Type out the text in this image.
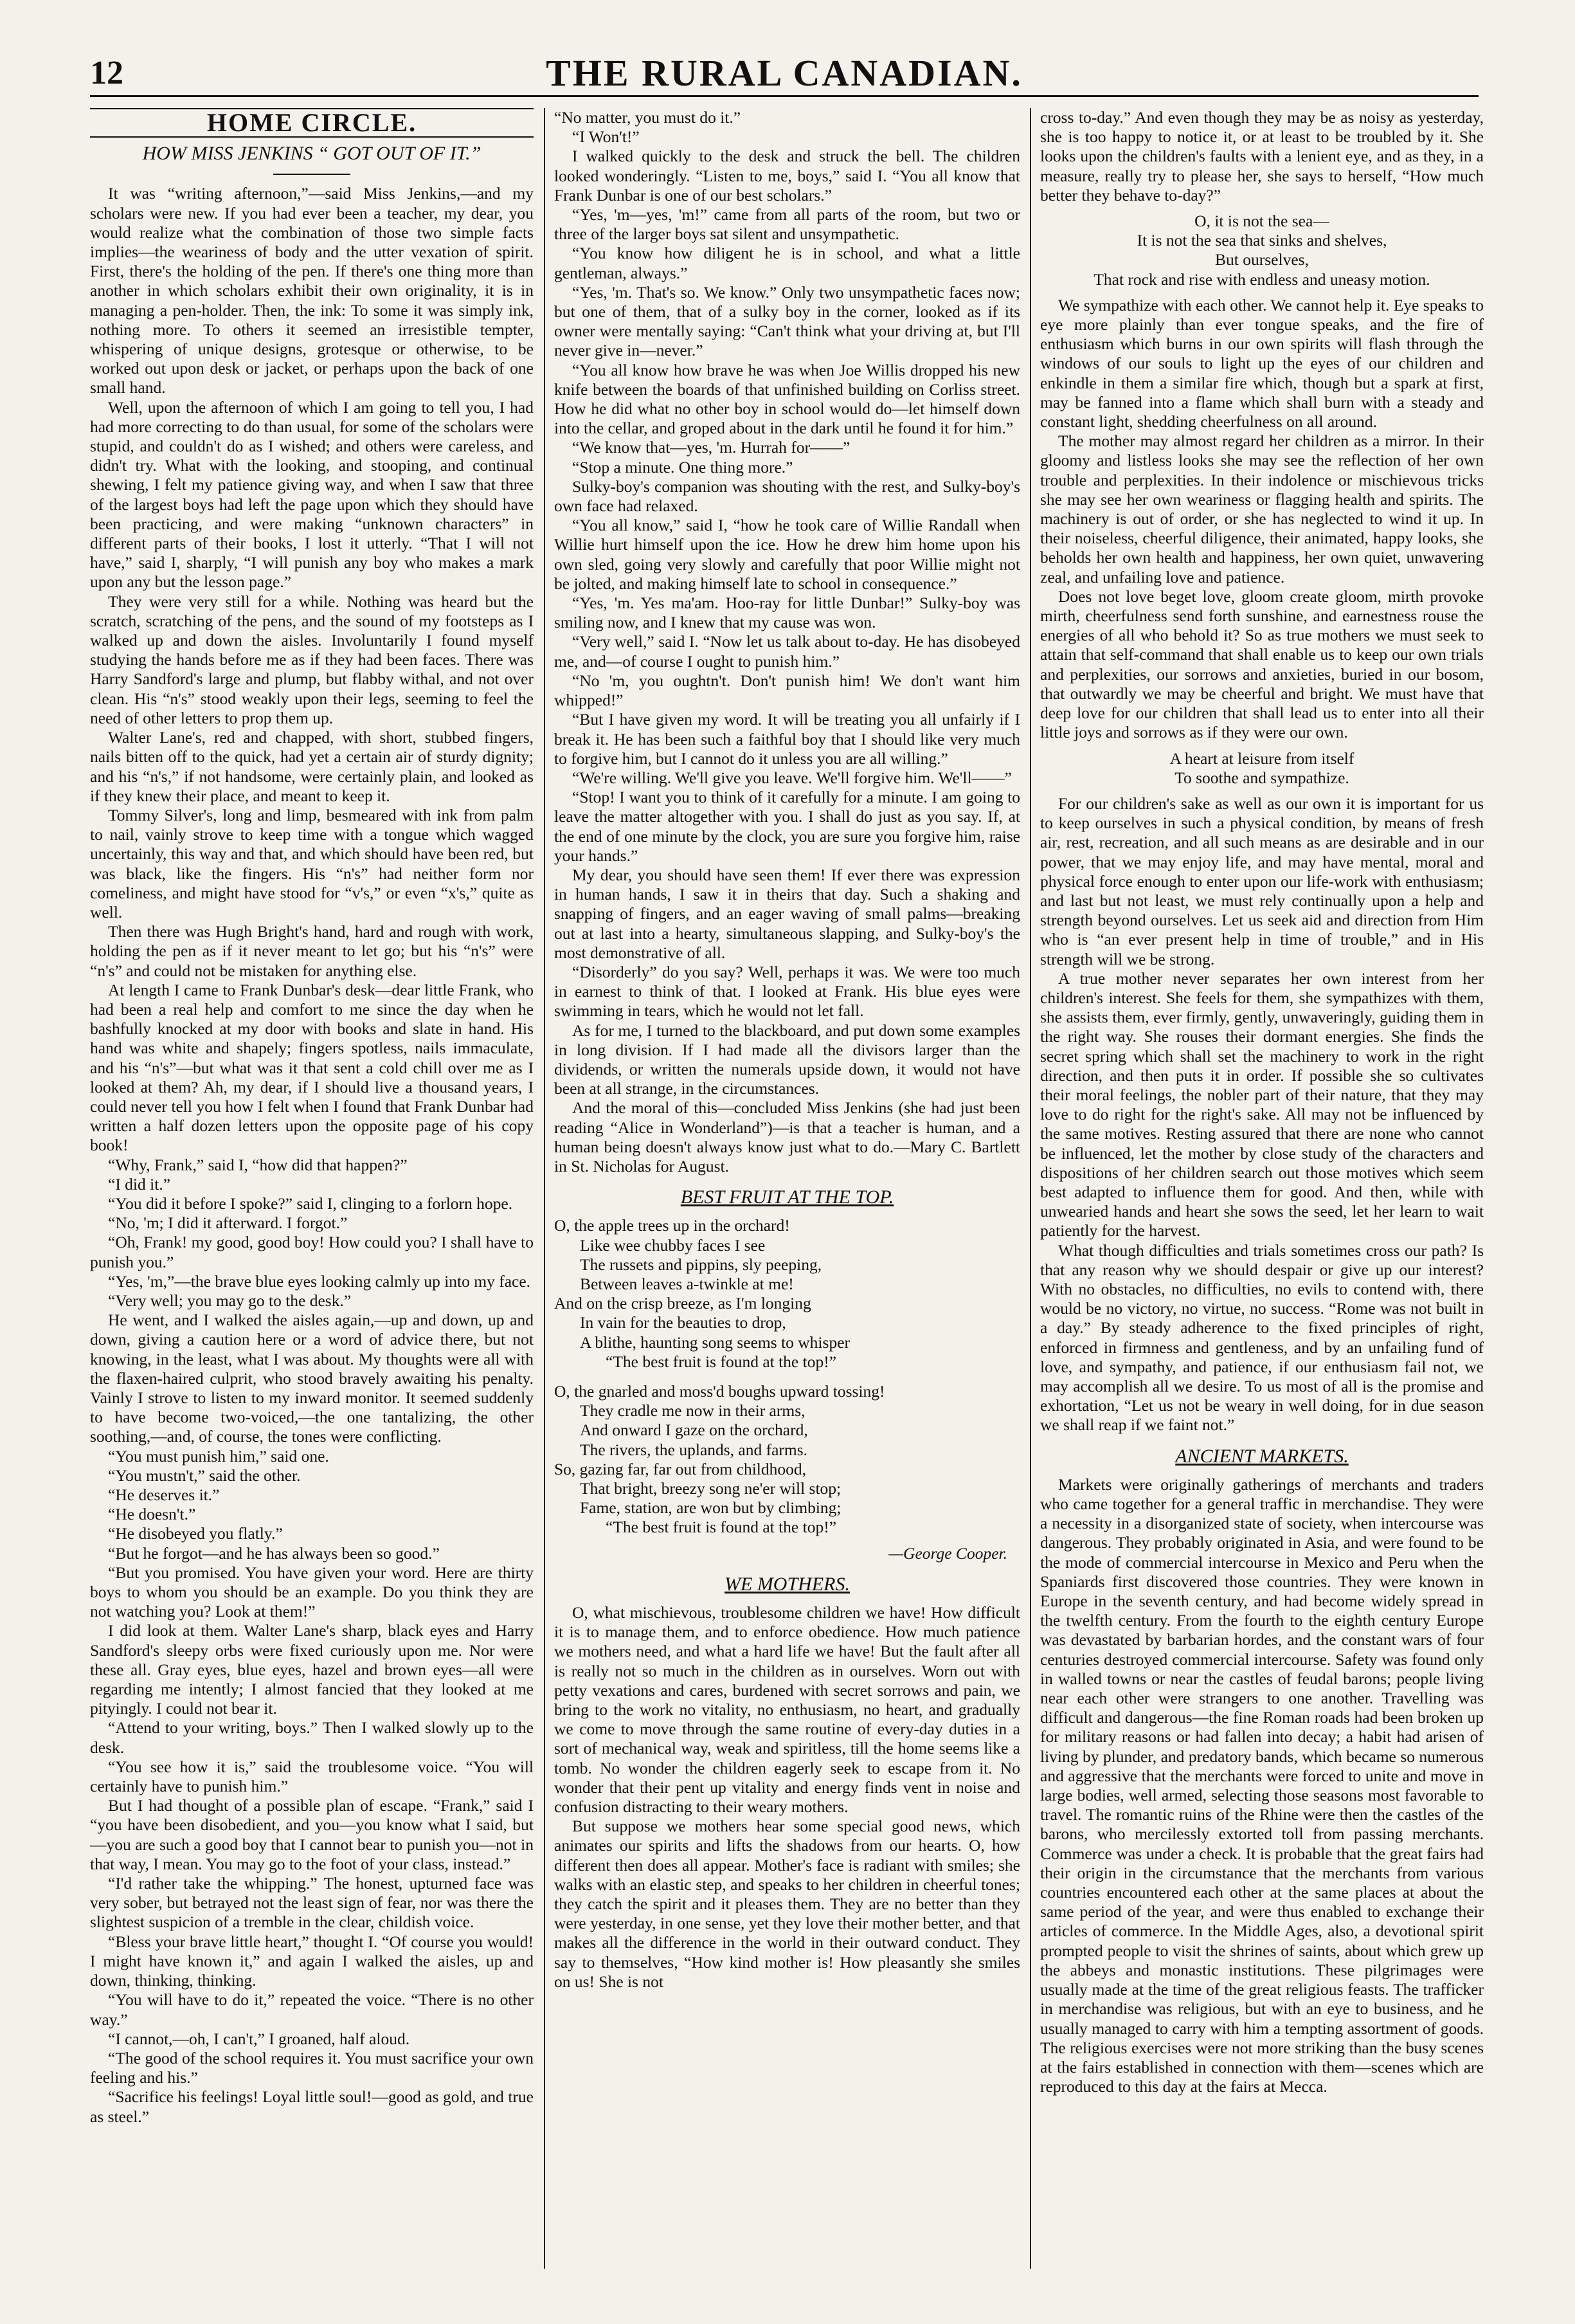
12	THE RURAL CANADIAN.
HOME CIRCLE.
HOW MISS JENKINS “ GOT OUT OF IT.”

It was “writing afternoon,”—said Miss Jenkins,—and my scholars were new. If you had ever been a teacher, my dear, you would realize what the combination of those two simple facts implies—the weariness of body and the utter vexation of spirit. First, there's the holding of the pen. If there's one thing more than another in which scholars exhibit their own originality, it is in managing a pen-holder. Then, the ink: To some it was simply ink, nothing more. To others it seemed an irresistible tempter, whispering of unique designs, grotesque or otherwise, to be worked out upon desk or jacket, or perhaps upon the back of one small hand.

Well, upon the afternoon of which I am going to tell you, I had had more correcting to do than usual, for some of the scholars were stupid, and couldn't do as I wished; and others were careless, and didn't try. What with the looking, and stooping, and continual shewing, I felt my patience giving way, and when I saw that three of the largest boys had left the page upon which they should have been practicing, and were making “unknown characters” in different parts of their books, I lost it utterly. “That I will not have,” said I, sharply, “I will punish any boy who makes a mark upon any but the lesson page.”

They were very still for a while. Nothing was heard but the scratch, scratching of the pens, and the sound of my footsteps as I walked up and down the aisles. Involuntarily I found myself studying the hands before me as if they had been faces. There was Harry Sandford's large and plump, but flabby withal, and not over clean. His “n's” stood weakly upon their legs, seeming to feel the need of other letters to prop them up.

Walter Lane's, red and chapped, with short, stubbed fingers, nails bitten off to the quick, had yet a certain air of sturdy dignity; and his “n's,” if not handsome, were certainly plain, and looked as if they knew their place, and meant to keep it.

Tommy Silver's, long and limp, besmeared with ink from palm to nail, vainly strove to keep time with a tongue which wagged uncertainly, this way and that, and which should have been red, but was black, like the fingers. His “n's” had neither form nor comeliness, and might have stood for “v's,” or even “x's,” quite as well.

Then there was Hugh Bright's hand, hard and rough with work, holding the pen as if it never meant to let go; but his “n's” were “n's” and could not be mistaken for anything else.

At length I came to Frank Dunbar's desk—dear little Frank, who had been a real help and comfort to me since the day when he bashfully knocked at my door with books and slate in hand. His hand was white and shapely; fingers spotless, nails immaculate, and his “n's”—but what was it that sent a cold chill over me as I looked at them? Ah, my dear, if I should live a thousand years, I could never tell you how I felt when I found that Frank Dunbar had written a half dozen letters upon the opposite page of his copy book!

“Why, Frank,” said I, “how did that happen?”

“I did it.”

“You did it before I spoke?” said I, clinging to a forlorn hope.

“No, 'm; I did it afterward. I forgot.”

“Oh, Frank! my good, good boy! How could you? I shall have to punish you.”

“Yes, 'm,”—the brave blue eyes looking calmly up into my face.

“Very well; you may go to the desk.”

He went, and I walked the aisles again,—up and down, up and down, giving a caution here or a word of advice there, but not knowing, in the least, what I was about. My thoughts were all with the flaxen-haired culprit, who stood bravely awaiting his penalty. Vainly I strove to listen to my inward monitor. It seemed suddenly to have become two-voiced,—the one tantalizing, the other soothing,—and, of course, the tones were conflicting.

“You must punish him,” said one.

“You mustn't,” said the other.

“He deserves it.”

“He doesn't.”

“He disobeyed you flatly.”

“But he forgot—and he has always been so good.”

“But you promised. You have given your word. Here are thirty boys to whom you should be an example. Do you think they are not watching you? Look at them!”

I did look at them. Walter Lane's sharp, black eyes and Harry Sandford's sleepy orbs were fixed curiously upon me. Nor were these all. Gray eyes, blue eyes, hazel and brown eyes—all were regarding me intently; I almost fancied that they looked at me pityingly. I could not bear it.

“Attend to your writing, boys.” Then I walked slowly up to the desk.

“You see how it is,” said the troublesome voice. “You will certainly have to punish him.”

But I had thought of a possible plan of escape. “Frank,” said I “you have been disobedient, and you—you know what I said, but—you are such a good boy that I cannot bear to punish you—not in that way, I mean. You may go to the foot of your class, instead.”

“I'd rather take the whipping.” The honest, upturned face was very sober, but betrayed not the least sign of fear, nor was there the slightest suspicion of a tremble in the clear, childish voice.

“Bless your brave little heart,” thought I. “Of course you would! I might have known it,” and again I walked the aisles, up and down, thinking, thinking.

“You will have to do it,” repeated the voice. “There is no other way.”

“I cannot,—oh, I can't,” I groaned, half aloud.

“The good of the school requires it. You must sacrifice your own feeling and his.”

“Sacrifice his feelings! Loyal little soul!—good as gold, and true as steel.”

“No matter, you must do it.”

“I Won't!”

I walked quickly to the desk and struck the bell. The children looked wonderingly. “Listen to me, boys,” said I. “You all know that Frank Dunbar is one of our best scholars.”

“Yes, 'm—yes, 'm!” came from all parts of the room, but two or three of the larger boys sat silent and unsympathetic.

“You know how diligent he is in school, and what a little gentleman, always.”

“Yes, 'm. That's so. We know.” Only two unsympathetic faces now; but one of them, that of a sulky boy in the corner, looked as if its owner were mentally saying: “Can't think what your driving at, but I'll never give in—never.”

“You all know how brave he was when Joe Willis dropped his new knife between the boards of that unfinished building on Corliss street. How he did what no other boy in school would do—let himself down into the cellar, and groped about in the dark until he found it for him.”

“We know that—yes, 'm. Hurrah for——”

“Stop a minute. One thing more.”

Sulky-boy's companion was shouting with the rest, and Sulky-boy's own face had relaxed.

“You all know,” said I, “how he took care of Willie Randall when Willie hurt himself upon the ice. How he drew him home upon his own sled, going very slowly and carefully that poor Willie might not be jolted, and making himself late to school in consequence.”

“Yes, 'm. Yes ma'am. Hoo-ray for little Dunbar!” Sulky-boy was smiling now, and I knew that my cause was won.

“Very well,” said I. “Now let us talk about to-day. He has disobeyed me, and—of course I ought to punish him.”

“No 'm, you oughtn't. Don't punish him! We don't want him whipped!”

“But I have given my word. It will be treating you all unfairly if I break it. He has been such a faithful boy that I should like very much to forgive him, but I cannot do it unless you are all willing.”

“We're willing. We'll give you leave. We'll forgive him. We'll——”

“Stop! I want you to think of it carefully for a minute. I am going to leave the matter altogether with you. I shall do just as you say. If, at the end of one minute by the clock, you are sure you forgive him, raise your hands.”

My dear, you should have seen them! If ever there was expression in human hands, I saw it in theirs that day. Such a shaking and snapping of fingers, and an eager waving of small palms—breaking out at last into a hearty, simultaneous slapping, and Sulky-boy's the most demonstrative of all.

“Disorderly” do you say? Well, perhaps it was. We were too much in earnest to think of that. I looked at Frank. His blue eyes were swimming in tears, which he would not let fall.

As for me, I turned to the blackboard, and put down some examples in long division. If I had made all the divisors larger than the dividends, or written the numerals upside down, it would not have been at all strange, in the circumstances.

And the moral of this—concluded Miss Jenkins (she had just been reading “Alice in Wonderland”)—is that a teacher is human, and a human being doesn't always know just what to do.—Mary C. Bartlett in St. Nicholas for August.

BEST FRUIT AT THE TOP.
O, the apple trees up in the orchard!
Like wee chubby faces I see
The russets and pippins, sly peeping,
Between leaves a-twinkle at me!
And on the crisp breeze, as I'm longing
In vain for the beauties to drop,
A blithe, haunting song seems to whisper
“The best fruit is found at the top!”
O, the gnarled and moss'd boughs upward tossing!
They cradle me now in their arms,
And onward I gaze on the orchard,
The rivers, the uplands, and farms.
So, gazing far, far out from childhood,
That bright, breezy song ne'er will stop;
Fame, station, are won but by climbing;
“The best fruit is found at the top!”
—George Cooper.
WE MOTHERS.

O, what mischievous, troublesome children we have! How difficult it is to manage them, and to enforce obedience. How much patience we mothers need, and what a hard life we have! But the fault after all is really not so much in the children as in ourselves. Worn out with petty vexations and cares, burdened with secret sorrows and pain, we bring to the work no vitality, no enthusiasm, no heart, and gradually we come to move through the same routine of every-day duties in a sort of mechanical way, weak and spiritless, till the home seems like a tomb. No wonder the children eagerly seek to escape from it. No wonder that their pent up vitality and energy finds vent in noise and confusion distracting to their weary mothers.

But suppose we mothers hear some special good news, which animates our spirits and lifts the shadows from our hearts. O, how different then does all appear. Mother's face is radiant with smiles; she walks with an elastic step, and speaks to her children in cheerful tones; they catch the spirit and it pleases them. They are no better than they were yesterday, in one sense, yet they love their mother better, and that makes all the difference in the world in their outward conduct. They say to themselves, “How kind mother is! How pleasantly she smiles on us! She is not

cross to-day.” And even though they may be as noisy as yesterday, she is too happy to notice it, or at least to be troubled by it. She looks upon the children's faults with a lenient eye, and as they, in a measure, really try to please her, she says to herself, “How much better they behave to-day?”

O, it is not the sea—
It is not the sea that sinks and shelves,
But ourselves,
That rock and rise with endless and uneasy motion.

We sympathize with each other. We cannot help it. Eye speaks to eye more plainly than ever tongue speaks, and the fire of enthusiasm which burns in our own spirits will flash through the windows of our souls to light up the eyes of our children and enkindle in them a similar fire which, though but a spark at first, may be fanned into a flame which shall burn with a steady and constant light, shedding cheerfulness on all around.

The mother may almost regard her children as a mirror. In their gloomy and listless looks she may see the reflection of her own trouble and perplexities. In their indolence or mischievous tricks she may see her own weariness or flagging health and spirits. The machinery is out of order, or she has neglected to wind it up. In their noiseless, cheerful diligence, their animated, happy looks, she beholds her own health and happiness, her own quiet, unwavering zeal, and unfailing love and patience.

Does not love beget love, gloom create gloom, mirth provoke mirth, cheerfulness send forth sunshine, and earnestness rouse the energies of all who behold it? So as true mothers we must seek to attain that self-command that shall enable us to keep our own trials and perplexities, our sorrows and anxieties, buried in our bosom, that outwardly we may be cheerful and bright. We must have that deep love for our children that shall lead us to enter into all their little joys and sorrows as if they were our own.

A heart at leisure from itself
To soothe and sympathize.

For our children's sake as well as our own it is important for us to keep ourselves in such a physical condition, by means of fresh air, rest, recreation, and all such means as are desirable and in our power, that we may enjoy life, and may have mental, moral and physical force enough to enter upon our life-work with enthusiasm; and last but not least, we must rely continually upon a help and strength beyond ourselves. Let us seek aid and direction from Him who is “an ever present help in time of trouble,” and in His strength will we be strong.

A true mother never separates her own interest from her children's interest. She feels for them, she sympathizes with them, she assists them, ever firmly, gently, unwaveringly, guiding them in the right way. She rouses their dormant energies. She finds the secret spring which shall set the machinery to work in the right direction, and then puts it in order. If possible she so cultivates their moral feelings, the nobler part of their nature, that they may love to do right for the right's sake. All may not be influenced by the same motives. Resting assured that there are none who cannot be influenced, let the mother by close study of the characters and dispositions of her children search out those motives which seem best adapted to influence them for good. And then, while with unwearied hands and heart she sows the seed, let her learn to wait patiently for the harvest.

What though difficulties and trials sometimes cross our path? Is that any reason why we should despair or give up our interest? With no obstacles, no difficulties, no evils to contend with, there would be no victory, no virtue, no success. “Rome was not built in a day.” By steady adherence to the fixed principles of right, enforced in firmness and gentleness, and by an unfailing fund of love, and sympathy, and patience, if our enthusiasm fail not, we may accomplish all we desire. To us most of all is the promise and exhortation, “Let us not be weary in well doing, for in due season we shall reap if we faint not.”

ANCIENT MARKETS.

Markets were originally gatherings of merchants and traders who came together for a general traffic in merchandise. They were a necessity in a disorganized state of society, when intercourse was dangerous. They probably originated in Asia, and were found to be the mode of commercial intercourse in Mexico and Peru when the Spaniards first discovered those countries. They were known in Europe in the seventh century, and had become widely spread in the twelfth century. From the fourth to the eighth century Europe was devastated by barbarian hordes, and the constant wars of four centuries destroyed commercial intercourse. Safety was found only in walled towns or near the castles of feudal barons; people living near each other were strangers to one another. Travelling was difficult and dangerous—the fine Roman roads had been broken up for military reasons or had fallen into decay; a habit had arisen of living by plunder, and predatory bands, which became so numerous and aggressive that the merchants were forced to unite and move in large bodies, well armed, selecting those seasons most favorable to travel. The romantic ruins of the Rhine were then the castles of the barons, who mercilessly extorted toll from passing merchants. Commerce was under a check. It is probable that the great fairs had their origin in the circumstance that the merchants from various countries encountered each other at the same places at about the same period of the year, and were thus enabled to exchange their articles of commerce. In the Middle Ages, also, a devotional spirit prompted people to visit the shrines of saints, about which grew up the abbeys and monastic institutions. These pilgrimages were usually made at the time of the great religious feasts. The trafficker in merchandise was religious, but with an eye to business, and he usually managed to carry with him a tempting assortment of goods. The religious exercises were not more striking than the busy scenes at the fairs established in connection with them—scenes which are reproduced to this day at the fairs at Mecca.
